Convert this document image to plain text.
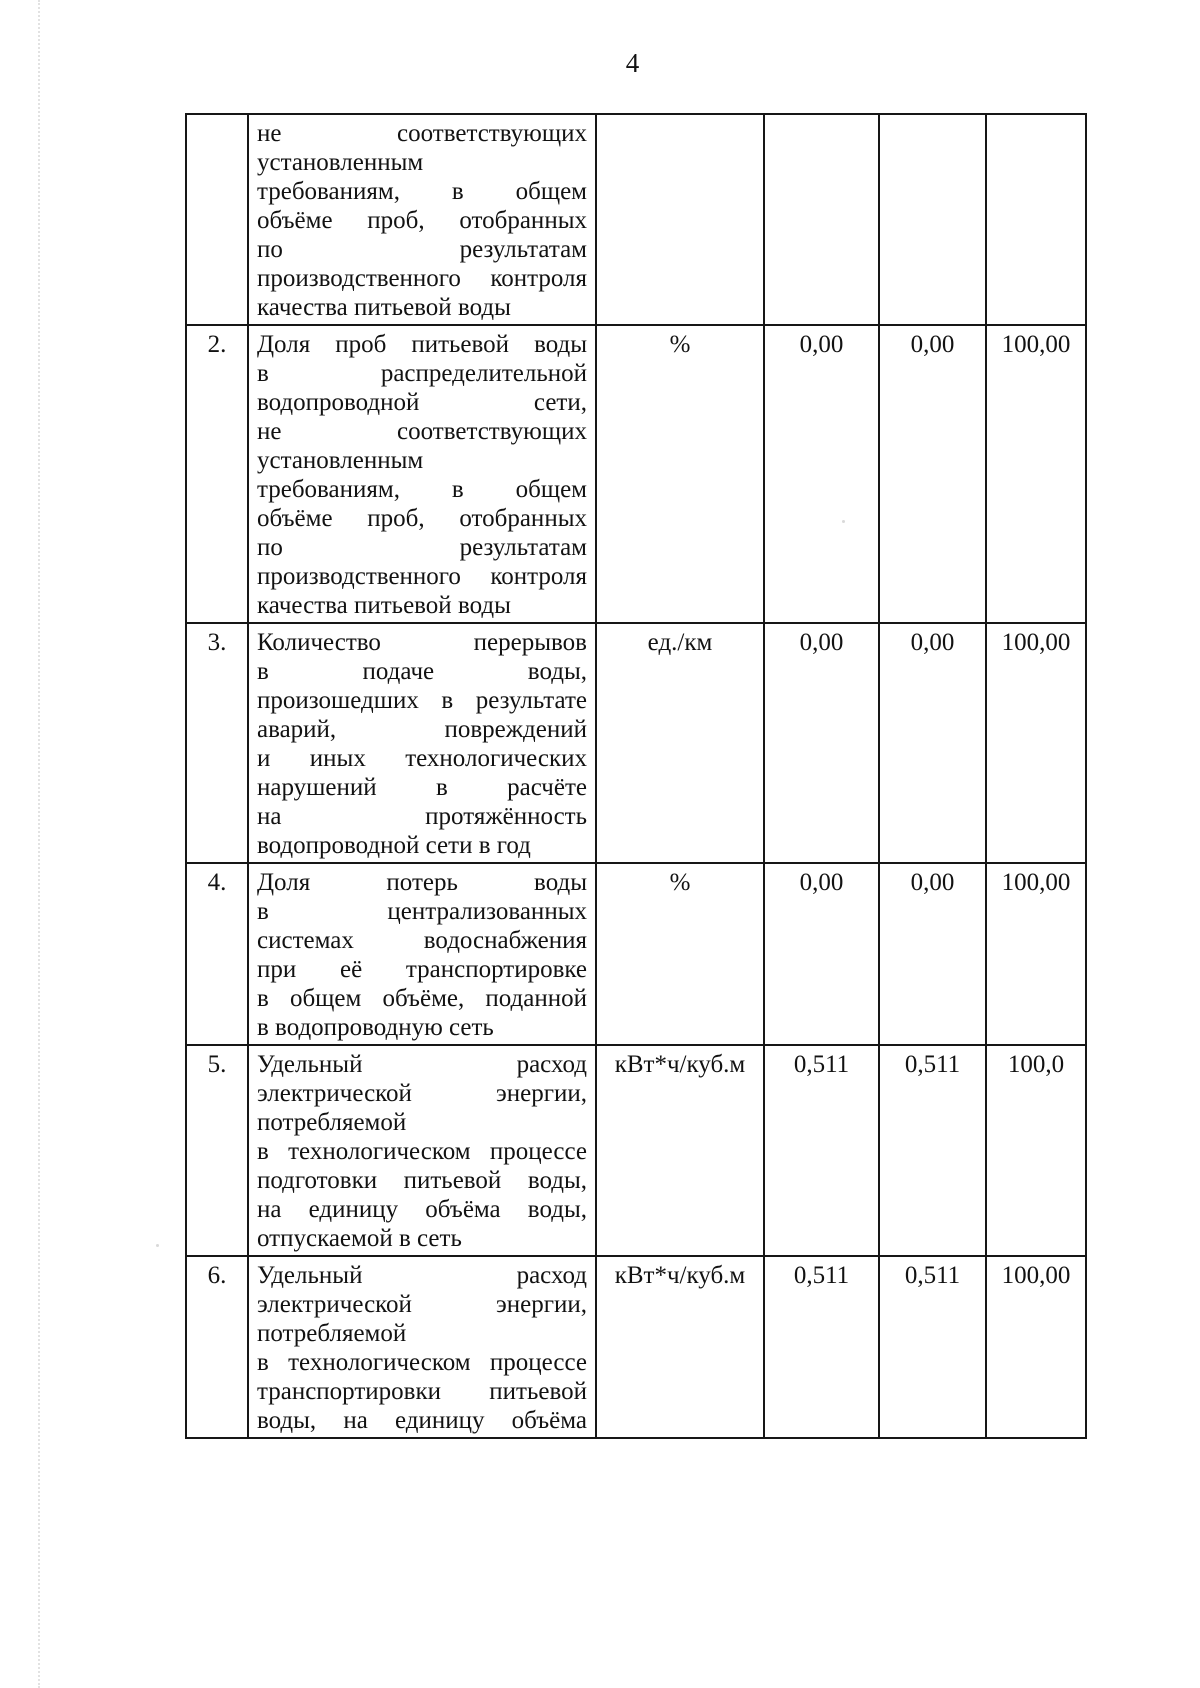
4

не соответствующих
установленным
требованиям, в общем
объёме проб, отобранных
по результатам
производственного контроля
качества питьевой воды

2.	Доля проб питьевой воды
в распределительной
водопроводной сети,
не соответствующих
установленным
требованиям, в общем
объёме проб, отобранных
по результатам
производственного контроля
качества питьевой воды
	%	0,00	0,00	100,00
3.	Количество перерывов
в подаче воды,
произошедших в результате
аварий, повреждений
и иных технологических
нарушений в расчёте
на протяжённость
водопроводной сети в год
	ед./км	0,00	0,00	100,00
4.	Доля потерь воды
в централизованных
системах водоснабжения
при её транспортировке
в общем объёме, поданной
в водопроводную сеть
	%	0,00	0,00	100,00
5.	Удельный расход
электрической энергии,
потребляемой
в технологическом процессе
подготовки питьевой воды,
на единицу объёма воды,
отпускаемой в сеть
	кВт*ч/куб.м	0,511	0,511	100,0
6.	Удельный расход
электрической энергии,
потребляемой
в технологическом процессе
транспортировки питьевой
воды, на единицу объёма
	кВт*ч/куб.м	0,511	0,511	100,00
